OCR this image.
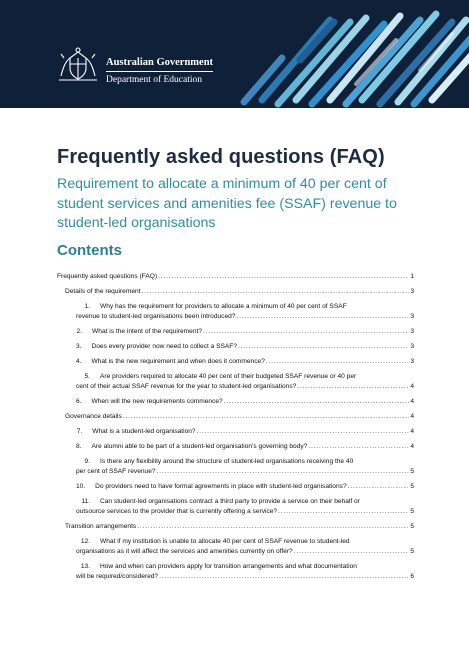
Australian Government
Department of Education
Frequently asked questions (FAQ)

Requirement to allocate a minimum of 40 per cent of student services and amenities fee (SSAF) revenue to student-led organisations

Contents
Frequently asked questions (FAQ) . . .	1
Details of the requirement . . .	3
1. Why has the requirement for providers to allocate a minimum of 40 per cent of SSAF
revenue to student-led organisations been introduced? . . .	3
2. What is the intent of the requirement? . . .	3
3. Does every provider now need to collect a SSAF? . . .	3
4. What is the new requirement and when does it commence? . . .	3
5. Are providers required to allocate 40 per cent of their budgeted SSAF revenue or 40 per
cent of their actual SSAF revenue for the year to student-led organisations? . . .	4
6. When will the new requirements commence? . . .	4
Governance details . . .	4
7. What is a student-led organisation? . . .	4
8. Are alumni able to be part of a student-led organisation’s governing body? . . .	4
9. Is there any flexibility around the structure of student-led organisations receiving the 40
per cent of SSAF revenue? . . .	5
10. Do providers need to have formal agreements in place with student-led organisations? . . .	5
11. Can student-led organisations contract a third party to provide a service on their behalf or
outsource services to the provider that is currently offering a service? . . .	5
Transition arrangements . . .	5
12. What if my institution is unable to allocate 40 per cent of SSAF revenue to student-led
organisations as it will affect the services and amenities currently on offer? . . .	5
13. How and when can providers apply for transition arrangements and what documentation
will be required/considered? . . .	6
